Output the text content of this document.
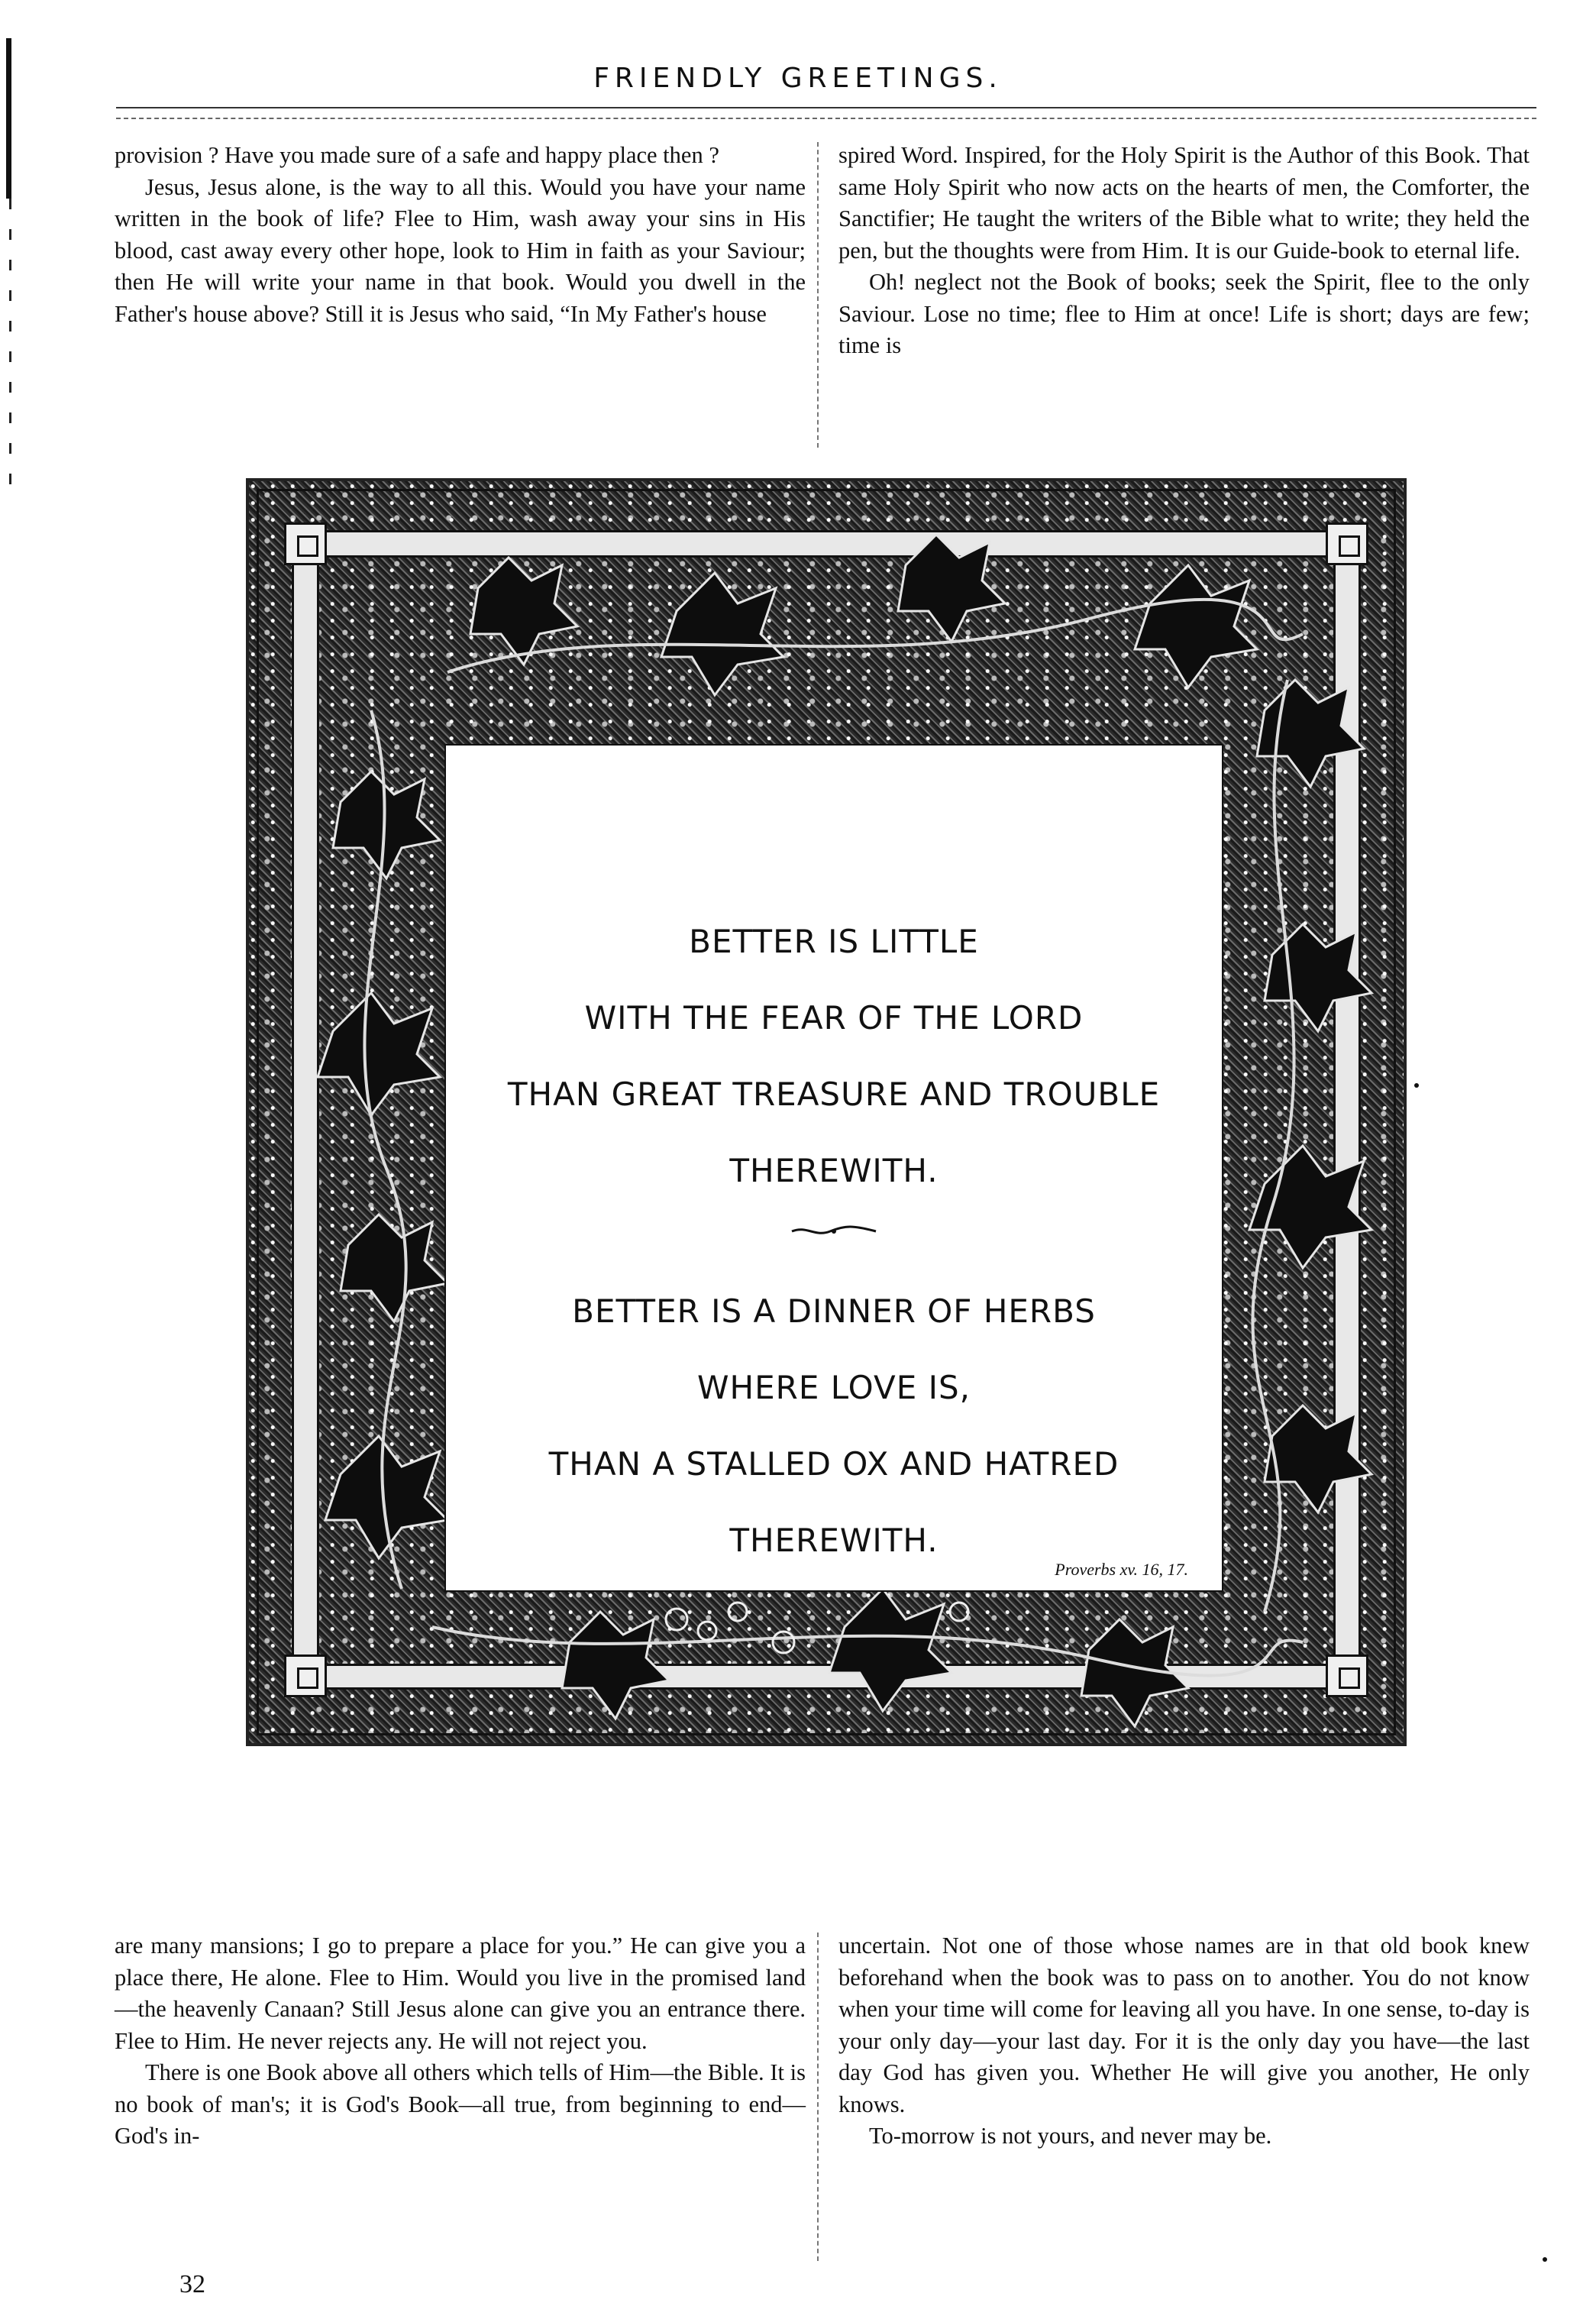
FRIENDLY GREETINGS.

provision ? Have you made sure of a safe and happy place then ?

Jesus, Jesus alone, is the way to all this. Would you have your name written in the book of life? Flee to Him, wash away your sins in His blood, cast away every other hope, look to Him in faith as your Saviour; then He will write your name in that book. Would you dwell in the Father's house above? Still it is Jesus who said, “In My Father's house

spired Word. Inspired, for the Holy Spirit is the Author of this Book. That same Holy Spirit who now acts on the hearts of men, the Comforter, the Sanctifier; He taught the writers of the Bible what to write; they held the pen, but the thoughts were from Him. It is our Guide-book to eternal life.

Oh! neglect not the Book of books; seek the Spirit, flee to the only Saviour. Lose no time; flee to Him at once! Life is short; days are few; time is

BETTER IS LITTLE
WITH THE FEAR OF THE LORD
THAN GREAT TREASURE AND TROUBLE
THEREWITH.
BETTER IS A DINNER OF HERBS
WHERE LOVE IS,
THAN A STALLED OX AND HATRED
THEREWITH.
Proverbs xv. 16, 17.

are many mansions; I go to prepare a place for you.” He can give you a place there, He alone. Flee to Him. Would you live in the promised land—the heavenly Canaan? Still Jesus alone can give you an entrance there. Flee to Him. He never rejects any. He will not reject you.

There is one Book above all others which tells of Him—the Bible. It is no book of man's; it is God's Book—all true, from beginning to end—God's in-

uncertain. Not one of those whose names are in that old book knew beforehand when the book was to pass on to another. You do not know when your time will come for leaving all you have. In one sense, to-day is your only day—your last day. For it is the only day you have—the last day God has given you. Whether He will give you another, He only knows.

To-morrow is not yours, and never may be.

32
